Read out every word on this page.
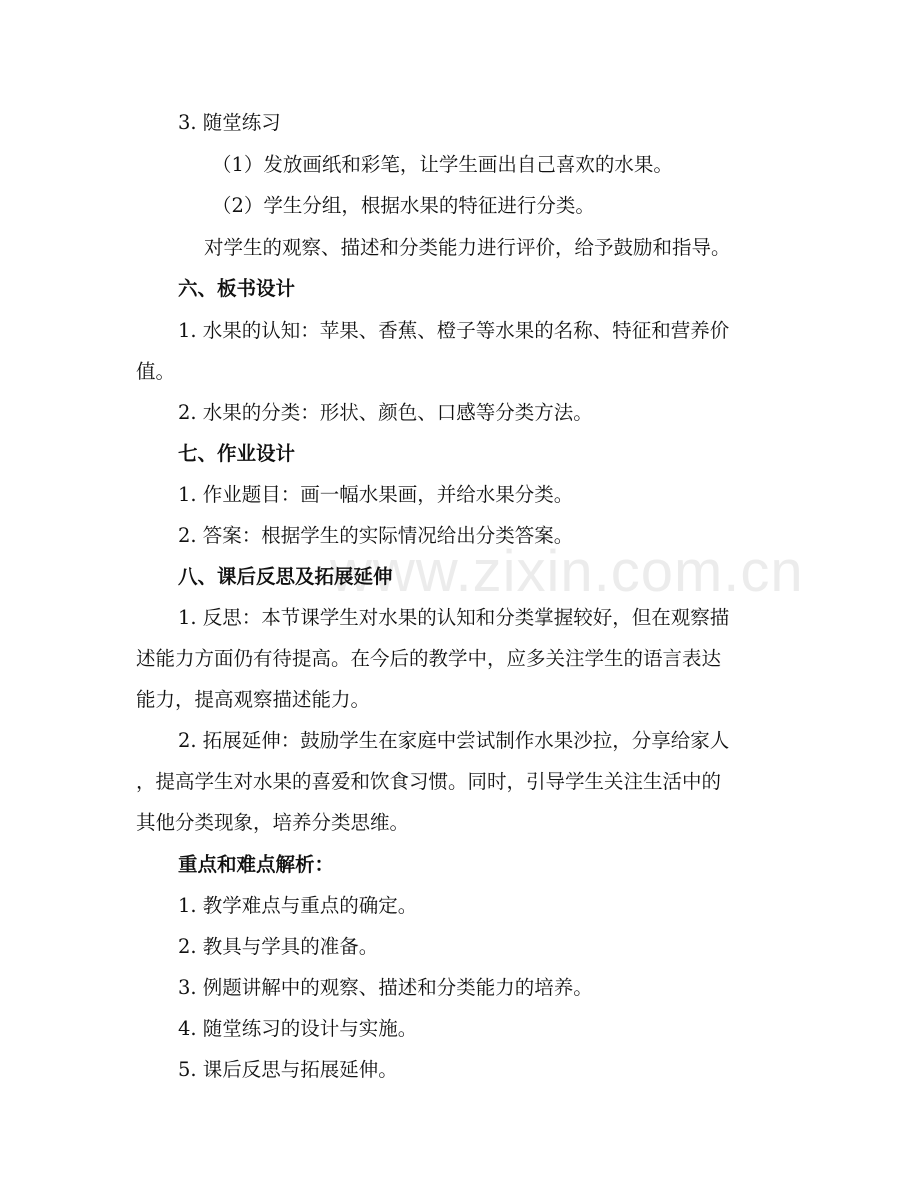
www.zixin.com.cn
3. 随堂练习
（1）发放画纸和彩笔，让学生画出自己喜欢的水果。
（2）学生分组，根据水果的特征进行分类。
对学生的观察、描述和分类能力进行评价，给予鼓励和指导。
六、板书设计
1. 水果的认知：苹果、香蕉、橙子等水果的名称、特征和营养价
值。
2. 水果的分类：形状、颜色、口感等分类方法。
七、作业设计
1. 作业题目：画一幅水果画，并给水果分类。
2. 答案：根据学生的实际情况给出分类答案。
八、课后反思及拓展延伸
1. 反思：本节课学生对水果的认知和分类掌握较好，但在观察描
述能力方面仍有待提高。在今后的教学中，应多关注学生的语言表达
能力，提高观察描述能力。
2. 拓展延伸：鼓励学生在家庭中尝试制作水果沙拉，分享给家人
，提高学生对水果的喜爱和饮食习惯。同时，引导学生关注生活中的
其他分类现象，培养分类思维。
重点和难点解析：
1. 教学难点与重点的确定。
2. 教具与学具的准备。
3. 例题讲解中的观察、描述和分类能力的培养。
4. 随堂练习的设计与实施。
5. 课后反思与拓展延伸。
